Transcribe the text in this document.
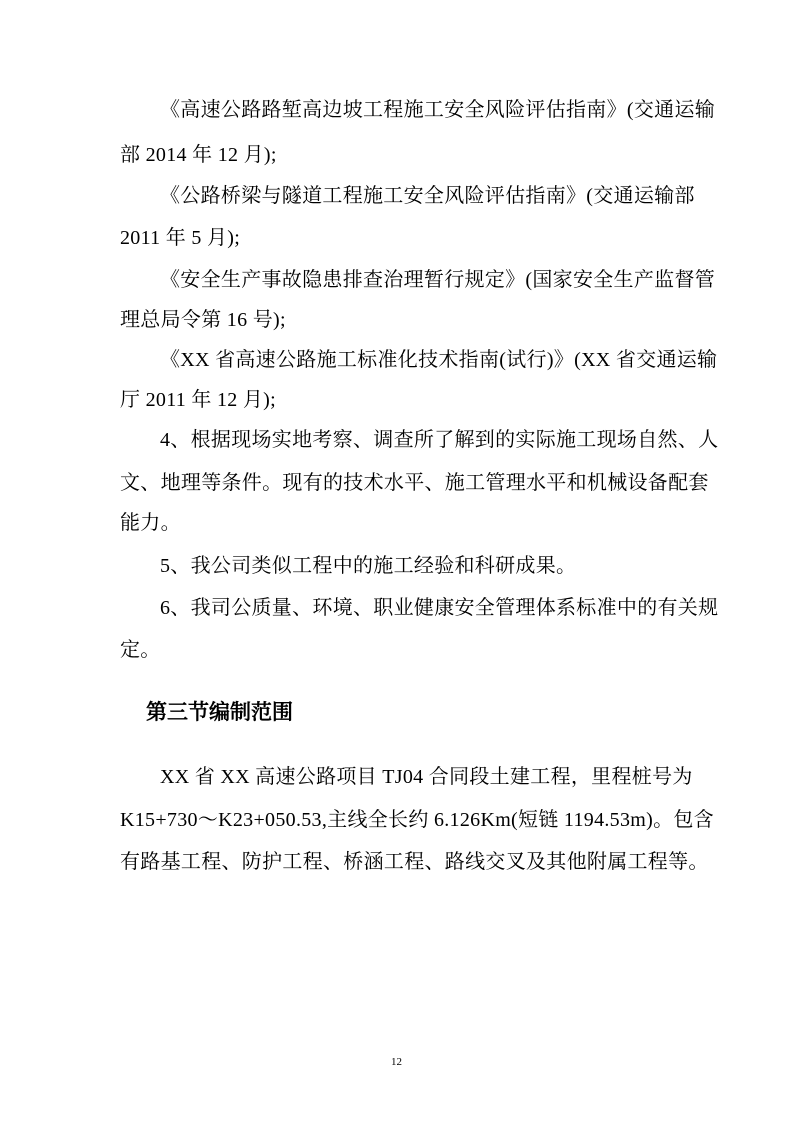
《高速公路路堑高边坡工程施工安全风险评估指南》(交通运输
部 2014 年 12 月);
《公路桥梁与隧道工程施工安全风险评估指南》(交通运输部
2011 年 5 月);
《安全生产事故隐患排查治理暂行规定》(国家安全生产监督管
理总局令第 16 号);
《XX 省高速公路施工标准化技术指南(试行)》(XX 省交通运输
厅 2011 年 12 月);
4、根据现场实地考察、调查所了解到的实际施工现场自然、人
文、地理等条件。现有的技术水平、施工管理水平和机械设备配套
能力。
5、我公司类似工程中的施工经验和科研成果。
6、我司公质量、环境、职业健康安全管理体系标准中的有关规
定。
第三节编制范围
XX 省 XX 高速公路项目 TJ04 合同段土建工程，里程桩号为
K15+730～K23+050.53,主线全长约 6.126Km(短链 1194.53m)。包含
有路基工程、防护工程、桥涵工程、路线交叉及其他附属工程等。
12
